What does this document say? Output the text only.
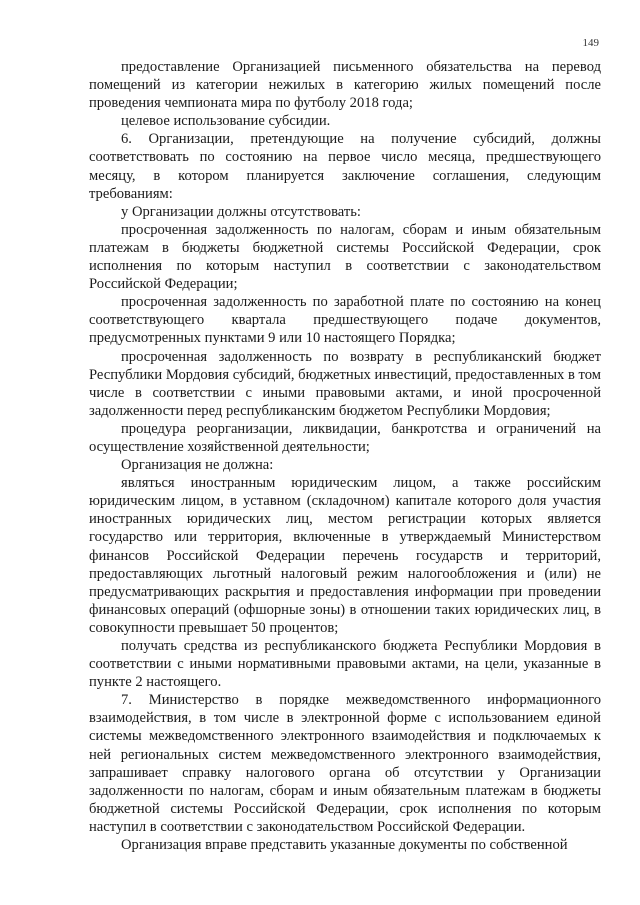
149

предоставление Организацией письменного обязательства на перевод помещений из категории нежилых в категорию жилых помещений после проведения чемпионата мира по футболу 2018 года;

целевое использование субсидии.

6. Организации, претендующие на получение субсидий, должны соответствовать по состоянию на первое число месяца, предшествующего месяцу, в котором планируется заключение соглашения, следующим требованиям:

у Организации должны отсутствовать:

просроченная задолженность по налогам, сборам и иным обязательным платежам в бюджеты бюджетной системы Российской Федерации, срок исполнения по которым наступил в соответствии с законодательством Российской Федерации;

просроченная задолженность по заработной плате по состоянию на конец соответствующего квартала предшествующего подаче документов, предусмотренных пунктами 9 или 10 настоящего Порядка;

просроченная задолженность по возврату в республиканский бюджет Республики Мордовия субсидий, бюджетных инвестиций, предоставленных в том числе в соответствии с иными правовыми актами, и иной просроченной задолженности перед республиканским бюджетом Республики Мордовия;

процедура реорганизации, ликвидации, банкротства и ограничений на осуществление хозяйственной деятельности;

Организация не должна:

являться иностранным юридическим лицом, а также российским юридическим лицом, в уставном (складочном) капитале которого доля участия иностранных юридических лиц, местом регистрации которых является государство или территория, включенные в утверждаемый Министерством финансов Российской Федерации перечень государств и территорий, предоставляющих льготный налоговый режим налогообложения и (или) не предусматривающих раскрытия и предоставления информации при проведении финансовых операций (офшорные зоны) в отношении таких юридических лиц, в совокупности превышает 50 процентов;

получать средства из республиканского бюджета Республики Мордовия в соответствии с иными нормативными правовыми актами, на цели, указанные в пункте 2 настоящего.

7. Министерство в порядке межведомственного информационного взаимодействия, в том числе в электронной форме с использованием единой системы межведомственного электронного взаимодействия и подключаемых к ней региональных систем межведомственного электронного взаимодействия, запрашивает справку налогового органа об отсутствии у Организации задолженности по налогам, сборам и иным обязательным платежам в бюджеты бюджетной системы Российской Федерации, срок исполнения по которым наступил в соответствии с законодательством Российской Федерации.

Организация вправе представить указанные документы по собственной
